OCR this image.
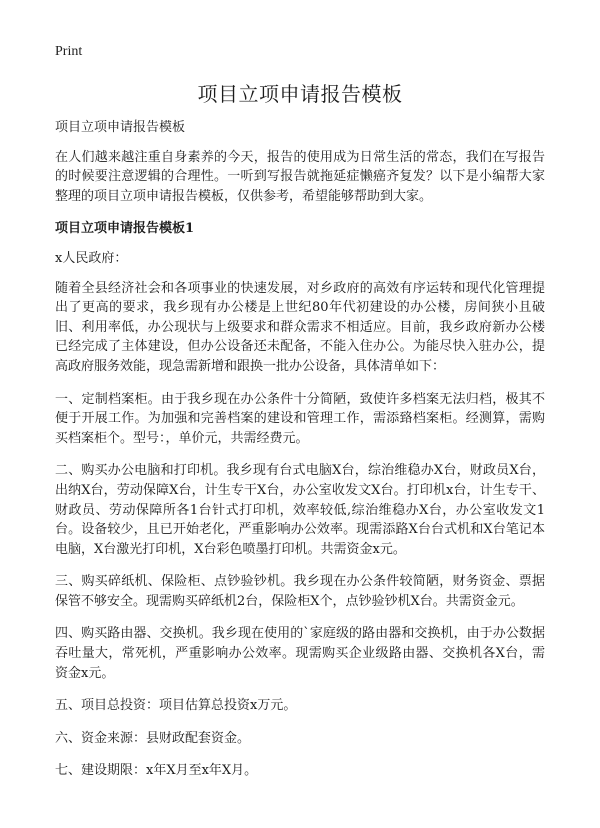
Print
项目立项申请报告模板

项目立项申请报告模板

在人们越来越注重自身素养的今天，报告的使用成为日常生活的常态，我们在写报告的时候要注意逻辑的合理性。一听到写报告就拖延症懒癌齐复发？以下是小编帮大家整理的项目立项申请报告模板，仅供参考，希望能够帮助到大家。

项目立项申请报告模板1

x人民政府：

随着全县经济社会和各项事业的快速发展，对乡政府的高效有序运转和现代化管理提出了更高的要求，我乡现有办公楼是上世纪80年代初建设的办公楼，房间狭小且破旧、利用率低，办公现状与上级要求和群众需求不相适应。目前，我乡政府新办公楼已经完成了主体建设，但办公设备还未配备，不能入住办公。为能尽快入驻办公，提高政府服务效能，现急需新增和跟换一批办公设备，具体清单如下：

一、定制档案柜。由于我乡现在办公条件十分简陋，致使许多档案无法归档，极其不便于开展工作。为加强和完善档案的建设和管理工作，需添臵档案柜。经测算，需购买档案柜个。型号：，单价元，共需经费元。

二、购买办公电脑和打印机。我乡现有台式电脑X台，综治维稳办X台，财政员X台，出纳X台，劳动保障X台，计生专干X台，办公室收发文X台。打印机x台，计生专干、财政员、劳动保障所各1台针式打印机，效率较低,综治维稳办X台，办公室收发文1台。设备较少，且已开始老化，严重影响办公效率。现需添路X台台式机和X台笔记本电脑，X台激光打印机，X台彩色喷墨打印机。共需资金x元。

三、购买碎纸机、保险柜、点钞验钞机。我乡现在办公条件较简陋，财务资金、票据保管不够安全。现需购买碎纸机2台，保险柜X个，点钞验钞机X台。共需资金元。

四、购买路由器、交换机。我乡现在使用的`家庭级的路由器和交换机，由于办公数据吞吐量大，常死机，严重影响办公效率。现需购买企业级路由器、交换机各X台，需资金x元。

五、项目总投资：项目估算总投资x万元。

六、资金来源：县财政配套资金。

七、建设期限：x年X月至x年X月。
